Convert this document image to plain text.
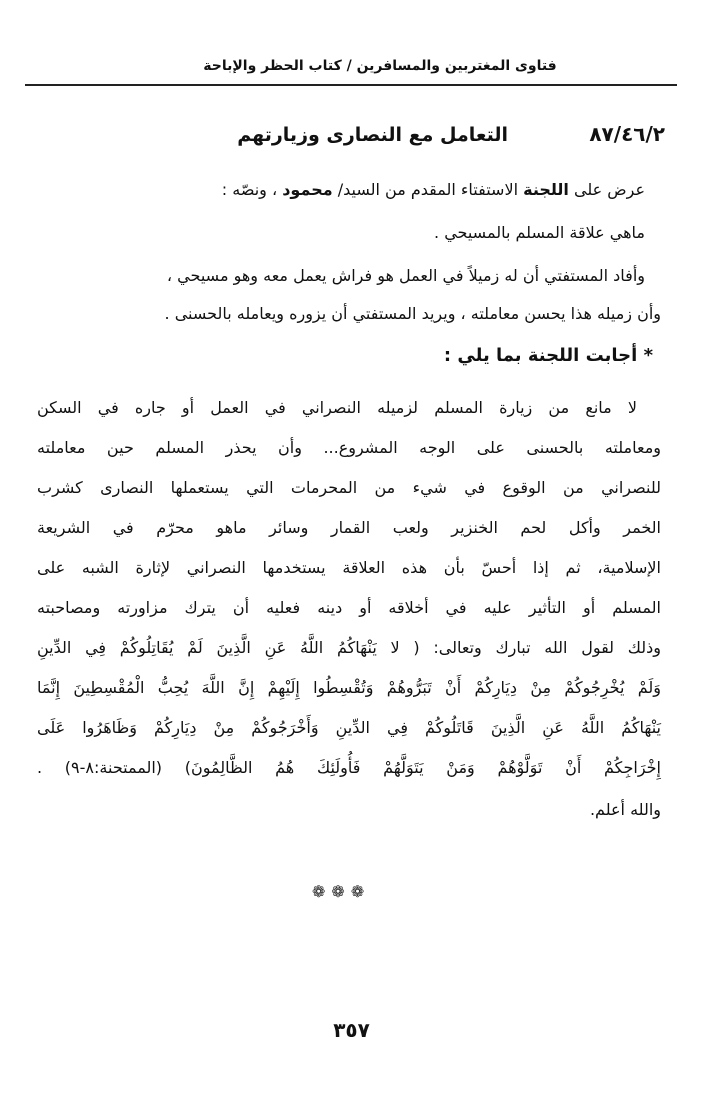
فتاوى المغتربين والمسافرين / كتاب الحظر والإباحة
٨٧/٤٦/٢
التعامل مع النصارى وزيارتهم
عرض على اللجنة الاستفتاء المقدم من السيد/ محمود ، ونصّه :
ماهي علاقة المسلم بالمسيحي .
وأفاد المستفتي أن له زميلاً في العمل هو فراش يعمل معه وهو مسيحي ،
وأن زميله هذا يحسن معاملته ، ويريد المستفتي أن يزوره ويعامله بالحسنى .
* أجابت اللجنة بما يلي :
لا مانع من زيارة المسلم لزميله النصراني في العمل أو جاره في السكن
ومعاملته بالحسنى على الوجه المشروع... وأن يحذر المسلم حين معاملته
للنصراني من الوقوع في شيء من المحرمات التي يستعملها النصارى كشرب
الخمر وأكل لحم الخنزير ولعب القمار وسائر ماهو محرّم في الشريعة
الإسلامية، ثم إذا أحسّ بأن هذه العلاقة يستخدمها النصراني لإثارة الشبه على
المسلم أو التأثير عليه في أخلاقه أو دينه فعليه أن يترك مزاورته ومصاحبته
وذلك لقول الله تبارك وتعالى: ( لا يَنْهَاكُمُ اللَّهُ عَنِ الَّذِينَ لَمْ يُقَاتِلُوكُمْ فِي الدِّينِ
وَلَمْ يُخْرِجُوكُمْ مِنْ دِيَارِكُمْ أَنْ تَبَرُّوهُمْ وَتُقْسِطُوا إِلَيْهِمْ إِنَّ اللَّهَ يُحِبُّ الْمُقْسِطِينَ إِنَّمَا
يَنْهَاكُمُ اللَّهُ عَنِ الَّذِينَ قَاتَلُوكُمْ فِي الدِّينِ وَأَخْرَجُوكُمْ مِنْ دِيَارِكُمْ وَظَاهَرُوا عَلَى
إِخْرَاجِكُمْ أَنْ تَوَلَّوْهُمْ وَمَنْ يَتَوَلَّهُمْ فَأُولَئِكَ هُمُ الظَّالِمُونَ) (الممتحنة:٨-٩) .
والله أعلم.
❁❁❁
٣٥٧
